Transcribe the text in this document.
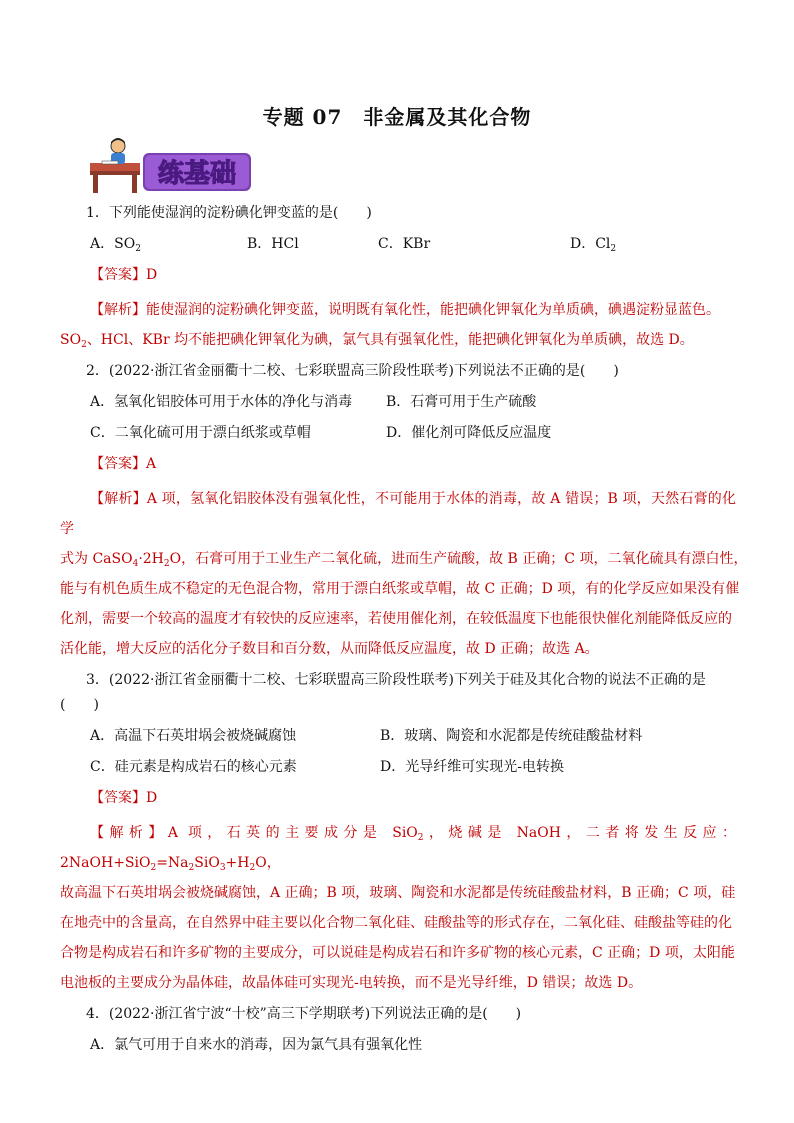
专题 07　非金属及其化合物
练基础
1．下列能使湿润的淀粉碘化钾变蓝的是(　　)
A．$SO_2$	B．HCl	C．KBr	D．$Cl_2$
【答案】D
【解析】能使湿润的淀粉碘化钾变蓝，说明既有氧化性，能把碘化钾氧化为单质碘，碘遇淀粉显蓝色。
$SO_2$、HCl、KBr 均不能把碘化钾氧化为碘，氯气具有强氧化性，能把碘化钾氧化为单质碘，故选 D。
2．(2022·浙江省金丽衢十二校、七彩联盟高三阶段性联考)下列说法不正确的是(　　)
A．氢氧化铝胶体可用于水体的净化与消毒	B．石膏可用于生产硫酸
C．二氧化硫可用于漂白纸浆或草帽	D．催化剂可降低反应温度
【答案】A
【解析】A 项，氢氧化铝胶体没有强氧化性，不可能用于水体的消毒，故 A 错误；B 项，天然石膏的化学
式为 $CaSO_4\cdot 2H_2O$，石膏可用于工业生产二氧化硫，进而生产硫酸，故 B 正确；C 项，二氧化硫具有漂白性，
能与有机色质生成不稳定的无色混合物，常用于漂白纸浆或草帽，故 C 正确；D 项，有的化学反应如果没有催
化剂，需要一个较高的温度才有较快的反应速率，若使用催化剂，在较低温度下也能很快催化剂能降低反应的
活化能，增大反应的活化分子数目和百分数，从而降低反应温度，故 D 正确；故选 A。
3．(2022·浙江省金丽衢十二校、七彩联盟高三阶段性联考)下列关于硅及其化合物的说法不正确的是
(　　)
A．高温下石英坩埚会被烧碱腐蚀	B．玻璃、陶瓷和水泥都是传统硅酸盐材料
C．硅元素是构成岩石的核心元素	D．光导纤维可实现光-电转换
【答案】D
【解析】A 项，石英的主要成分是 SiO$_2$，烧碱是 NaOH，二者将发生反应：$2NaOH+SiO_2=Na_2SiO_3+H_2O$，
故高温下石英坩埚会被烧碱腐蚀，A 正确；B 项，玻璃、陶瓷和水泥都是传统硅酸盐材料，B 正确；C 项，硅
在地壳中的含量高，在自然界中硅主要以化合物二氧化硅、硅酸盐等的形式存在，二氧化硅、硅酸盐等硅的化
合物是构成岩石和许多矿物的主要成分，可以说硅是构成岩石和许多矿物的核心元素，C 正确；D 项，太阳能
电池板的主要成分为晶体硅，故晶体硅可实现光-电转换，而不是光导纤维，D 错误；故选 D。
4．(2022·浙江省宁波“十校”高三下学期联考)下列说法正确的是(　　)
A．氯气可用于自来水的消毒，因为氯气具有强氧化性
